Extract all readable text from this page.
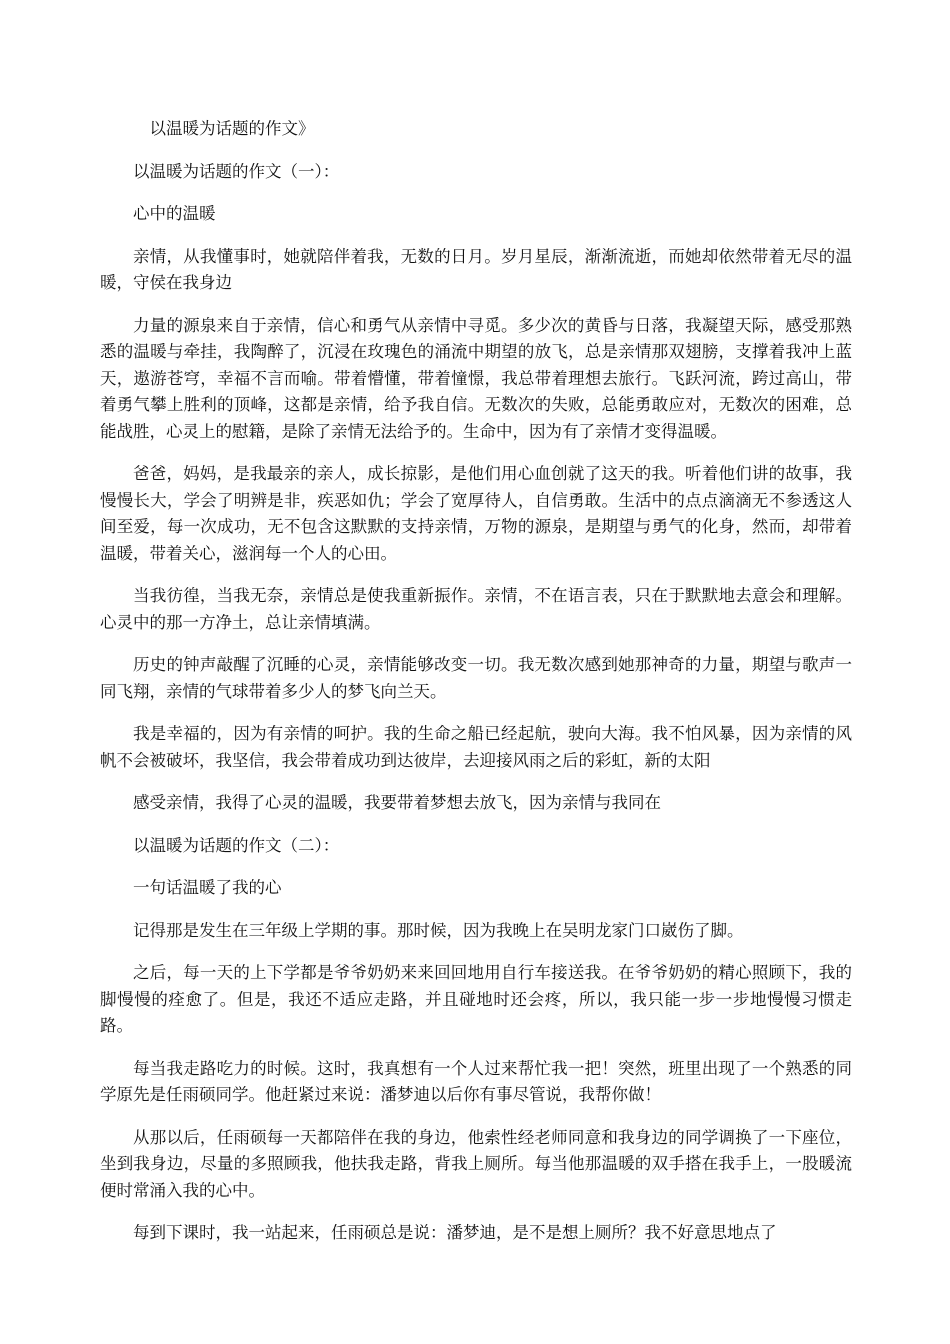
以温暖为话题的作文》

以温暖为话题的作文（一）：

心中的温暖

亲情，从我懂事时，她就陪伴着我，无数的日月。岁月星辰，渐渐流逝，而她却依然带着无尽的温暖，守侯在我身边

力量的源泉来自于亲情，信心和勇气从亲情中寻觅。多少次的黄昏与日落，我凝望天际，感受那熟悉的温暖与牵挂，我陶醉了，沉浸在玫瑰色的涌流中期望的放飞，总是亲情那双翅膀，支撑着我冲上蓝天，遨游苍穹，幸福不言而喻。带着懵懂，带着憧憬，我总带着理想去旅行。飞跃河流，跨过高山，带着勇气攀上胜利的顶峰，这都是亲情，给予我自信。无数次的失败，总能勇敢应对，无数次的困难，总能战胜，心灵上的慰籍，是除了亲情无法给予的。生命中，因为有了亲情才变得温暖。

爸爸，妈妈，是我最亲的亲人，成长掠影，是他们用心血创就了这天的我。听着他们讲的故事，我慢慢长大，学会了明辨是非，疾恶如仇；学会了宽厚待人，自信勇敢。生活中的点点滴滴无不参透这人间至爱，每一次成功，无不包含这默默的支持亲情，万物的源泉，是期望与勇气的化身，然而，却带着温暖，带着关心，滋润每一个人的心田。

当我彷徨，当我无奈，亲情总是使我重新振作。亲情，不在语言表，只在于默默地去意会和理解。心灵中的那一方净土，总让亲情填满。

历史的钟声敲醒了沉睡的心灵，亲情能够改变一切。我无数次感到她那神奇的力量，期望与歌声一同飞翔，亲情的气球带着多少人的梦飞向兰天。

我是幸福的，因为有亲情的呵护。我的生命之船已经起航，驶向大海。我不怕风暴，因为亲情的风帆不会被破坏，我坚信，我会带着成功到达彼岸，去迎接风雨之后的彩虹，新的太阳

感受亲情，我得了心灵的温暖，我要带着梦想去放飞，因为亲情与我同在

以温暖为话题的作文（二）：

一句话温暖了我的心

记得那是发生在三年级上学期的事。那时候，因为我晚上在吴明龙家门口崴伤了脚。

之后，每一天的上下学都是爷爷奶奶来来回回地用自行车接送我。在爷爷奶奶的精心照顾下，我的脚慢慢的痊愈了。但是，我还不适应走路，并且碰地时还会疼，所以，我只能一步一步地慢慢习惯走路。

每当我走路吃力的时候。这时，我真想有一个人过来帮忙我一把！突然，班里出现了一个熟悉的同学原先是任雨硕同学。他赶紧过来说：潘梦迪以后你有事尽管说，我帮你做！

从那以后，任雨硕每一天都陪伴在我的身边，他索性经老师同意和我身边的同学调换了一下座位，坐到我身边，尽量的多照顾我，他扶我走路，背我上厕所。每当他那温暖的双手搭在我手上，一股暖流便时常涌入我的心中。

每到下课时，我一站起来，任雨硕总是说：潘梦迪，是不是想上厕所？我不好意思地点了
